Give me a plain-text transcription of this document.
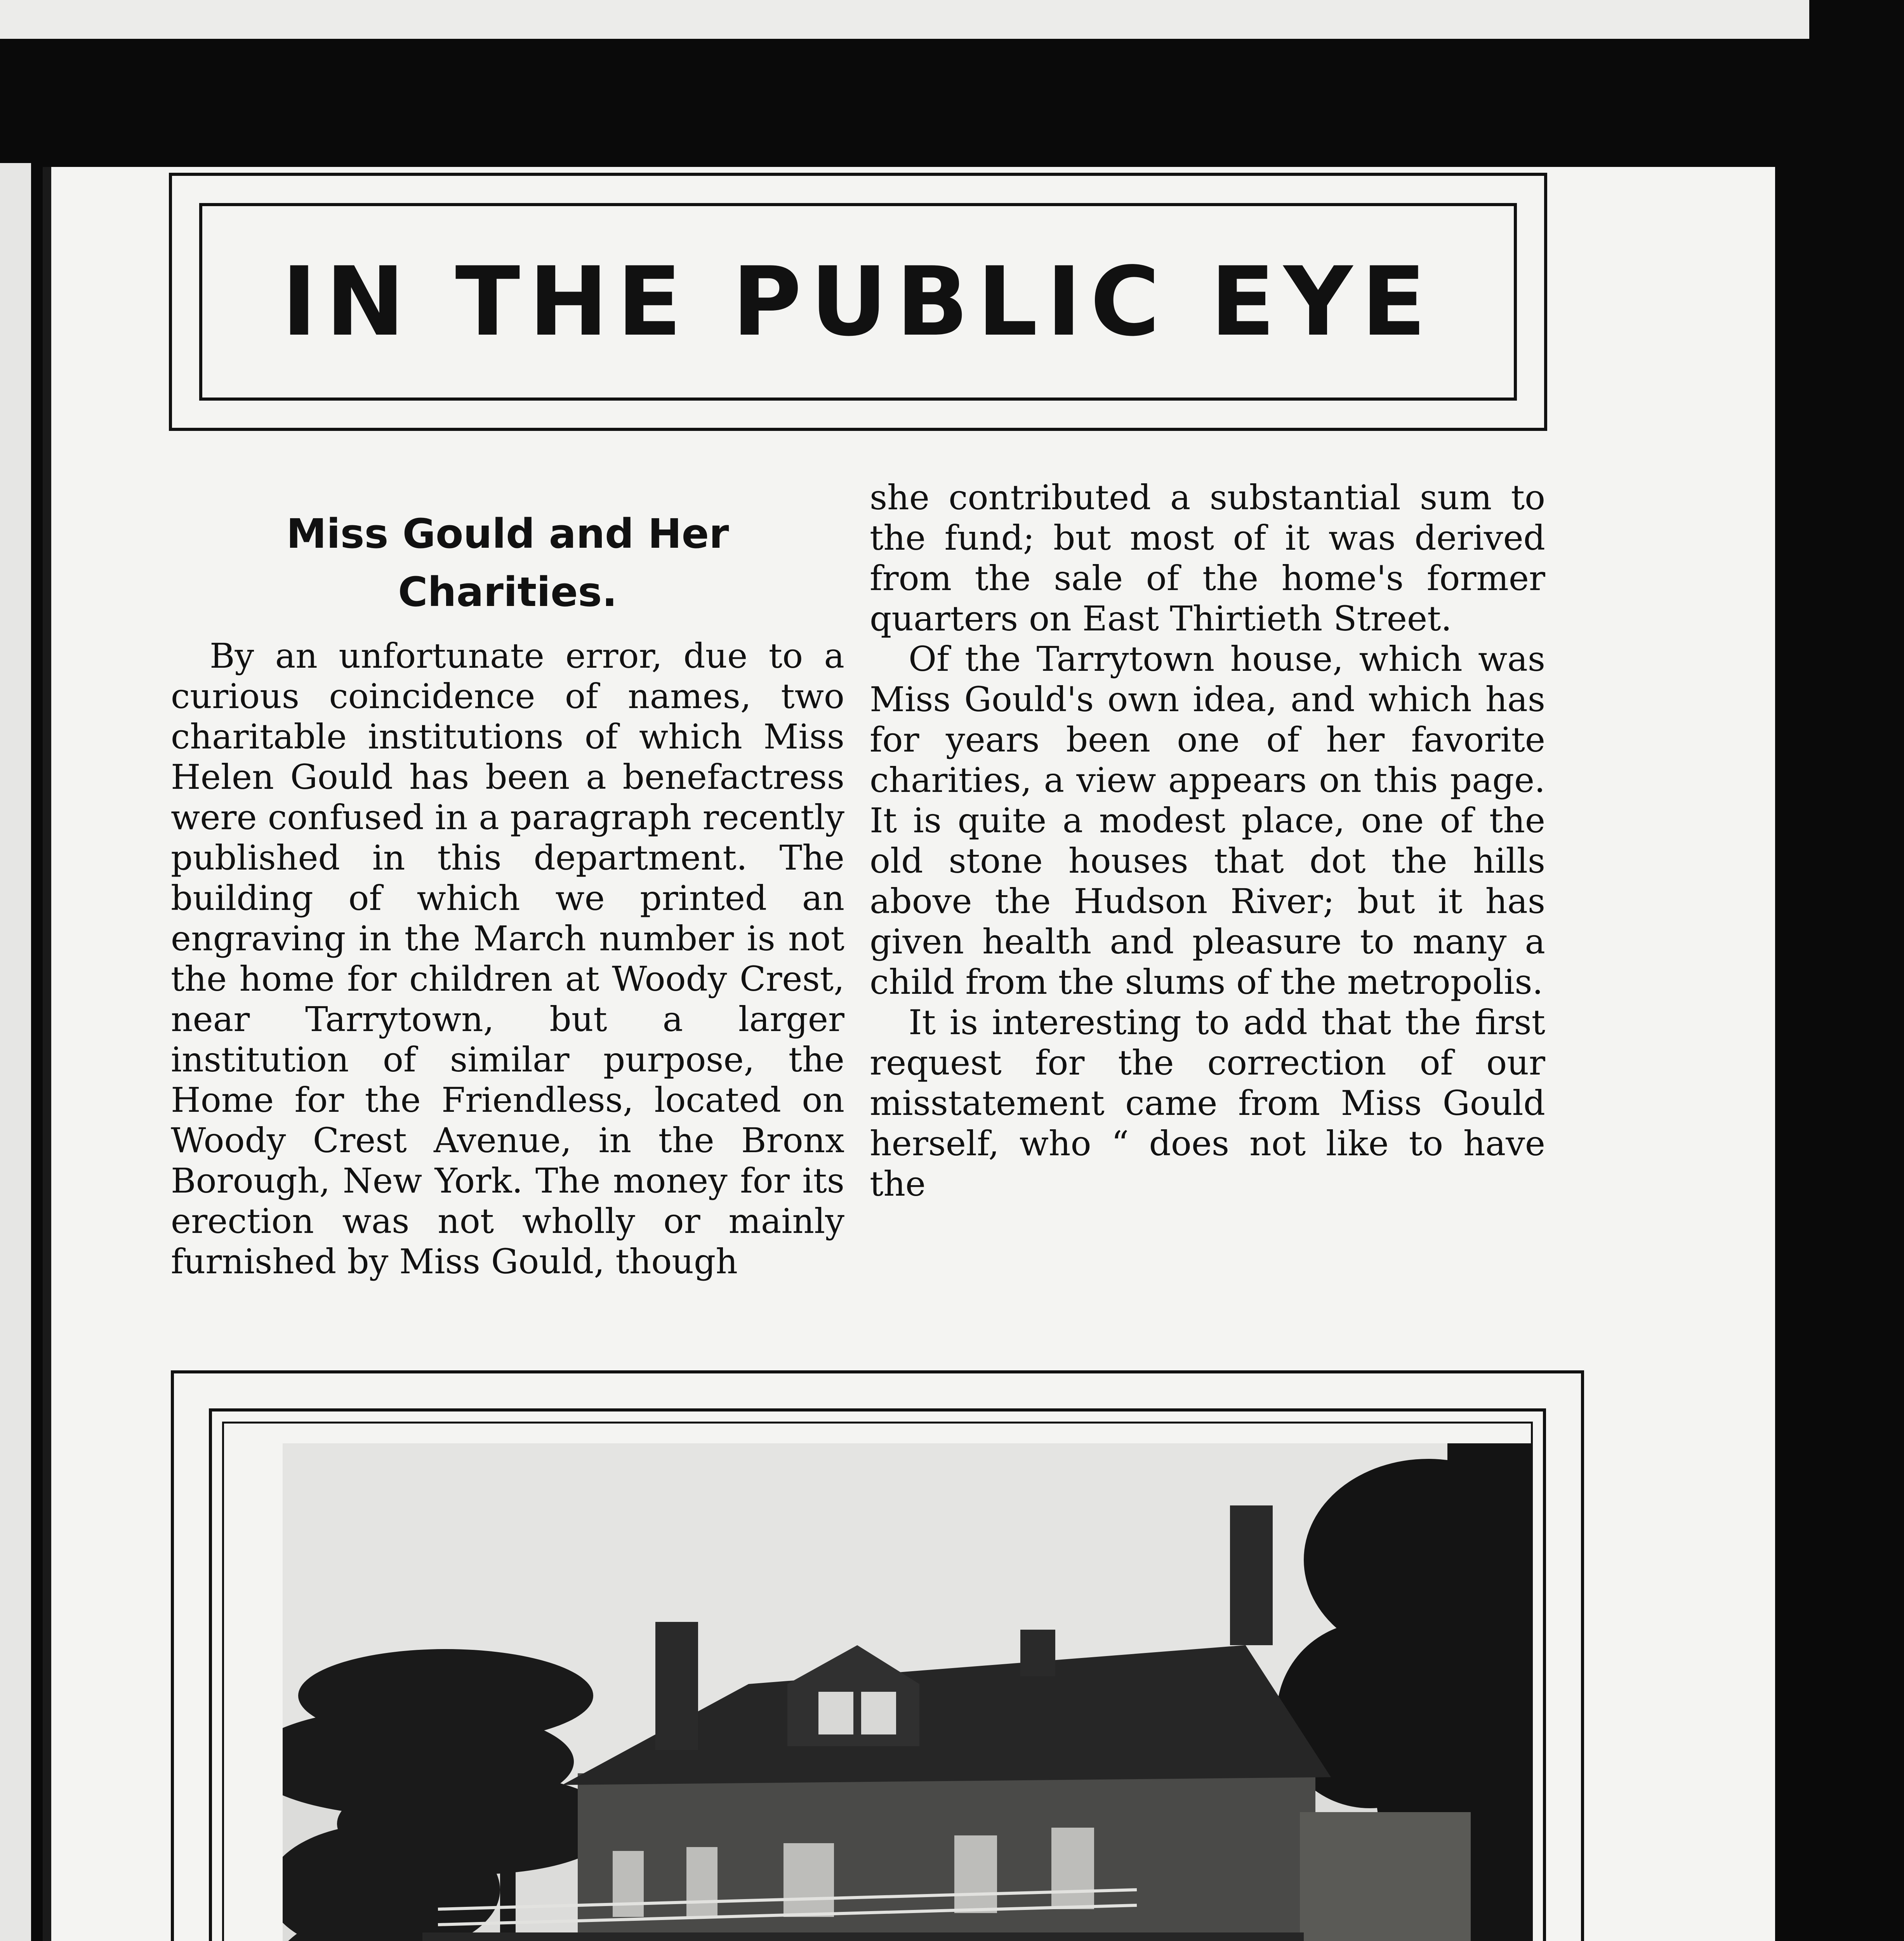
IN THE PUBLIC EYE
Miss Gould and Her Charities.

By an unfortunate error, due to a curious coincidence of names, two charitable institutions of which Miss Helen Gould has been a benefactress were confused in a paragraph recently published in this department. The building of which we printed an engraving in the March number is not the home for children at Woody Crest, near Tarrytown, but a larger institution of similar purpose, the Home for the Friendless, located on Woody Crest Avenue, in the Bronx Borough, New York. The money for its erection was not wholly or mainly furnished by Miss Gould, though

she contributed a substantial sum to the fund; but most of it was derived from the sale of the home's former quarters on East Thirtieth Street.

Of the Tarrytown house, which was Miss Gould's own idea, and which has for years been one of her favorite charities, a view appears on this page. It is quite a modest place, one of the old stone houses that dot the hills above the Hudson River; but it has given health and pleasure to many a child from the slums of the metropolis.

It is interesting to add that the first request for the correction of our misstatement came from Miss Gould herself, who “ does not like to have the
